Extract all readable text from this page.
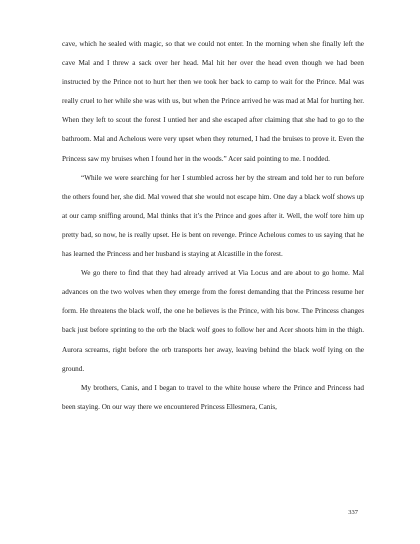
cave, which he sealed with magic, so that we could not enter. In the morning when she finally left the cave Mal and I threw a sack over her head. Mal hit her over the head even though we had been instructed by the Prince not to hurt her then we took her back to camp to wait for the Prince. Mal was really cruel to her while she was with us, but when the Prince arrived he was mad at Mal for hurting her. When they left to scout the forest I untied her and she escaped after claiming that she had to go to the bathroom. Mal and Achelous were very upset when they returned, I had the bruises to prove it. Even the Princess saw my bruises when I found her in the woods.” Acer said pointing to me. I nodded.

“While we were searching for her I stumbled across her by the stream and told her to run before the others found her, she did. Mal vowed that she would not escape him. One day a black wolf shows up at our camp sniffing around, Mal thinks that it’s the Prince and goes after it. Well, the wolf tore him up pretty bad, so now, he is really upset. He is bent on revenge. Prince Achelous comes to us saying that he has learned the Princess and her husband is staying at Alcastille in the forest.

We go there to find that they had already arrived at Via Locus and are about to go home. Mal advances on the two wolves when they emerge from the forest demanding that the Princess resume her form. He threatens the black wolf, the one he believes is the Prince, with his bow. The Princess changes back just before sprinting to the orb the black wolf goes to follow her and Acer shoots him in the thigh. Aurora screams, right before the orb transports her away, leaving behind the black wolf lying on the ground.

My brothers, Canis, and I began to travel to the white house where the Prince and Princess had been staying. On our way there we encountered Princess Ellesmera, Canis,

337
